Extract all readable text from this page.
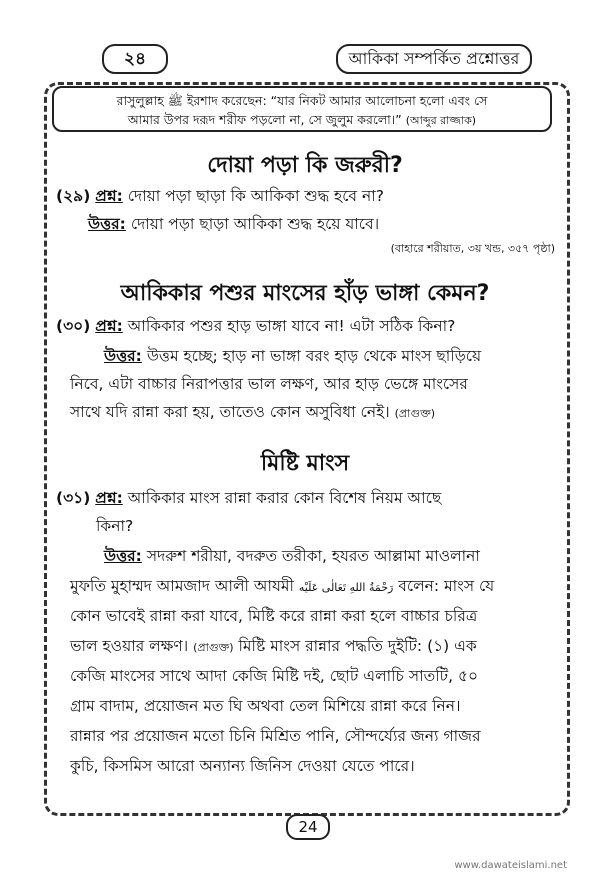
২৪	আকিকা সম্পর্কিত প্রশ্নোত্তর
রাসুলুল্লাহ ﷺ ইরশাদ করেছেন: “যার নিকট আমার আলোচনা হলো এবং সে
আমার উপর দরূদ শরীফ পড়লো না, সে জুলুম করলো।” (আব্দুর রাজ্জাক)
দোয়া পড়া কি জরুরী?
(২৯) প্রশ্ন: দোয়া পড়া ছাড়া কি আকিকা শুদ্ধ হবে না?
উত্তর: দোয়া পড়া ছাড়া আকিকা শুদ্ধ হয়ে যাবে।
(বাহারে শরীয়াত, ৩য় খন্ড, ৩৫৭ পৃষ্ঠা)
আকিকার পশুর মাংসের হাঁড় ভাঙ্গা কেমন?
(৩০) প্রশ্ন: আকিকার পশুর হাড় ভাঙ্গা যাবে না! এটা সঠিক কিনা?
উত্তর: উত্তম হচ্ছে; হাড় না ভাঙ্গা বরং হাড় থেকে মাংস ছাড়িয়ে
নিবে, এটা বাচ্চার নিরাপত্তার ভাল লক্ষণ, আর হাড় ভেঙ্গে মাংসের
সাথে যদি রান্না করা হয়, তাতেও কোন অসুবিধা নেই। (প্রাগুক্ত)
মিষ্টি মাংস
(৩১) প্রশ্ন: আকিকার মাংস রান্না করার কোন বিশেষ নিয়ম আছে
কিনা?
উত্তর: সদরুশ শরীয়া, বদরুত তরীকা, হযরত আল্লামা মাওলানা
মুফতি মুহাম্মদ আমজাদ আলী আযমী رَحْمَةُ اللهِ تَعَالٰی عَلَيْه বলেন: মাংস যে
কোন ভাবেই রান্না করা যাবে, মিষ্টি করে রান্না করা হলে বাচ্চার চরিত্র
ভাল হওয়ার লক্ষণ। (প্রাগুক্ত) মিষ্টি মাংস রান্নার পদ্ধতি দুইটি: (১) এক
কেজি মাংসের সাথে আদা কেজি মিষ্টি দই, ছোট এলাচি সাতটি, ৫০
গ্রাম বাদাম, প্রয়োজন মত ঘি অথবা তেল মিশিয়ে রান্না করে নিন।
রান্নার পর প্রয়োজন মতো চিনি মিশ্রিত পানি, সৌন্দর্য্যের জন্য গাজর
কুচি, কিসমিস আরো অন্যান্য জিনিস দেওয়া যেতে পারে।
24
www.dawateislami.net
